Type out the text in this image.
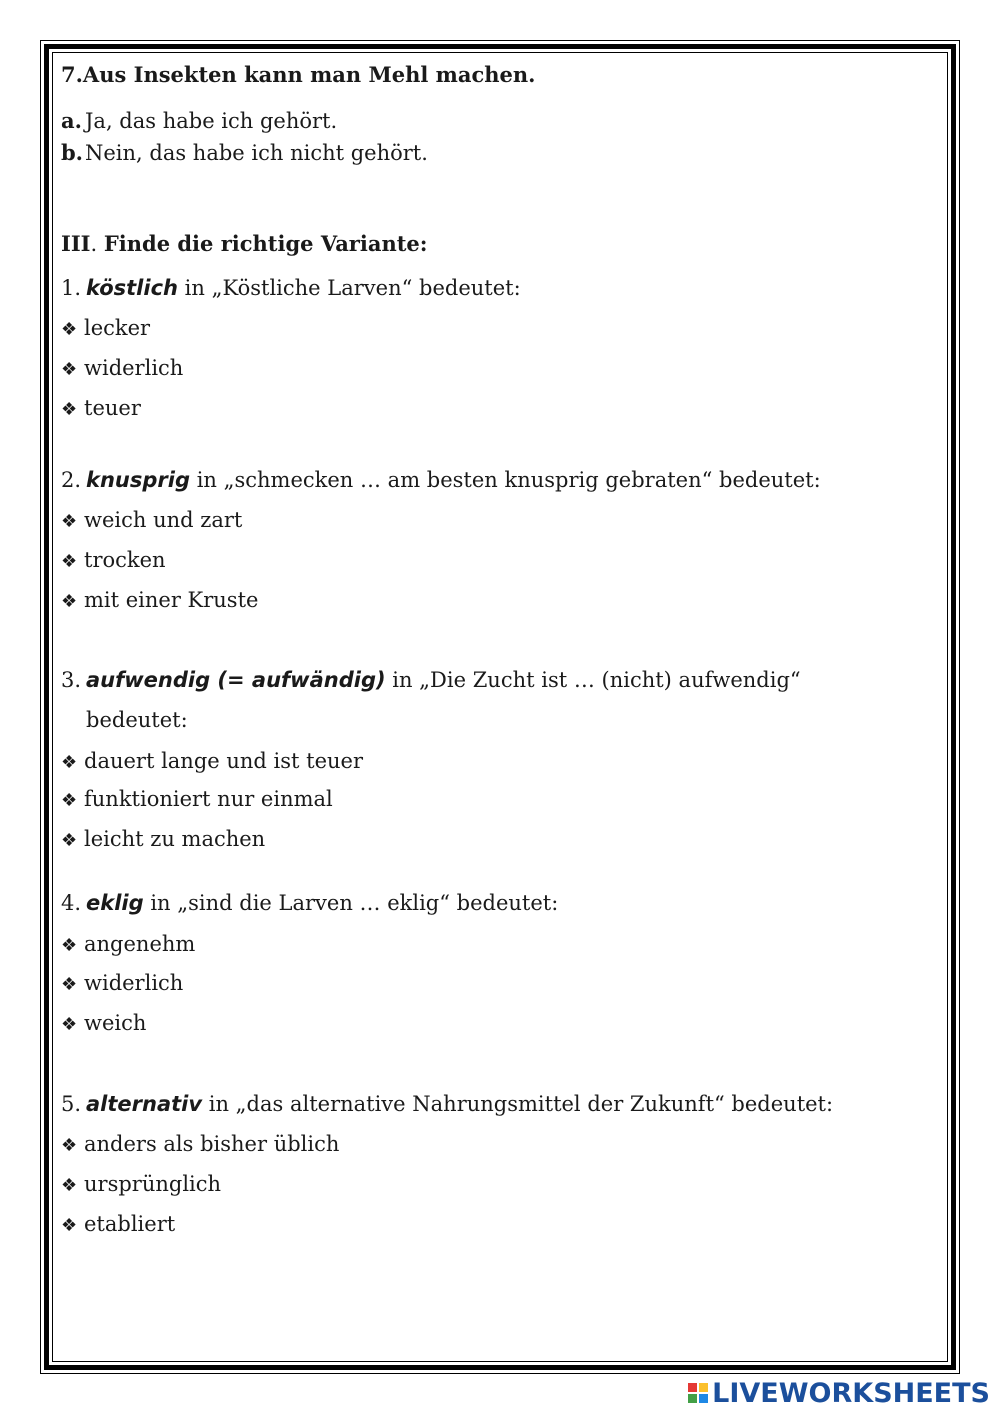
7.Aus Insekten kann man Mehl machen.
a. Ja, das habe ich gehört.
b.Nein, das habe ich nicht gehört.
III. Finde die richtige Variante:
1. köstlich in „Köstliche Larven“ bedeutet:
❖ lecker
❖ widerlich
❖ teuer
2. knusprig in „schmecken … am besten knusprig gebraten“ bedeutet:
❖ weich und zart
❖ trocken
❖ mit einer Kruste
3. aufwendig (= aufwändig) in „Die Zucht ist … (nicht) aufwendig“
bedeutet:
❖ dauert lange und ist teuer
❖ funktioniert nur einmal
❖ leicht zu machen
4. eklig in „sind die Larven … eklig“ bedeutet:
❖ angenehm
❖ widerlich
❖ weich
5. alternativ in „das alternative Nahrungsmittel der Zukunft“ bedeutet:
❖ anders als bisher üblich
❖ ursprünglich
❖ etabliert
LIVEWORKSHEETS
